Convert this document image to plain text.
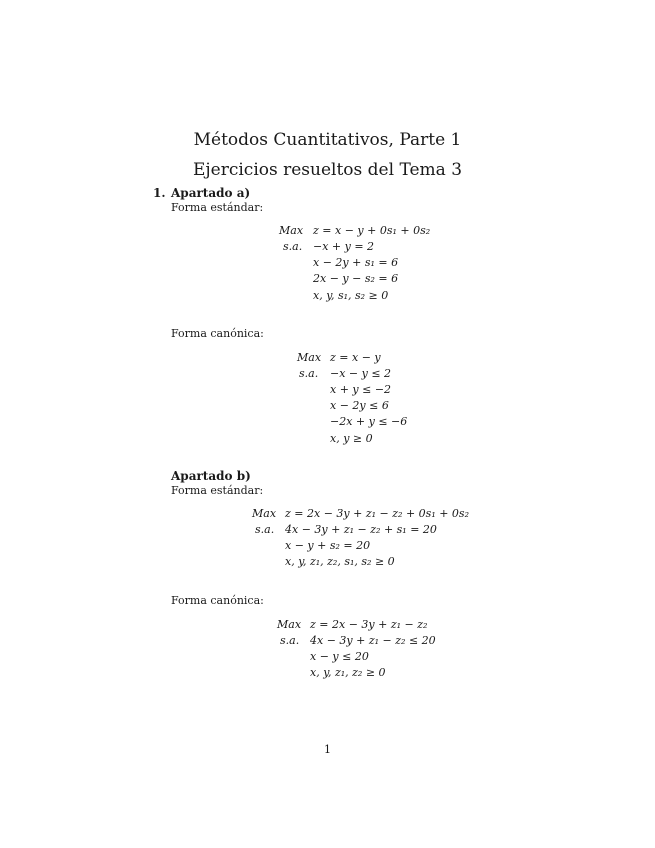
Métodos Cuantitativos, Parte 1
Ejercicios resueltos del Tema 3
1. Apartado a)
Forma estándar:
Max
s.a.
z = x − y + 0s₁ + 0s₂
−x + y = 2
x − 2y + s₁ = 6
2x − y − s₂ = 6
x, y, s₁, s₂ ≥ 0
Forma canónica:
Max
s.a.
z = x − y
−x − y ≤ 2
x + y ≤ −2
x − 2y ≤ 6
−2x + y ≤ −6
x, y ≥ 0
Apartado b)
Forma estándar:
Max
s.a.
z = 2x − 3y + z₁ − z₂ + 0s₁ + 0s₂
4x − 3y + z₁ − z₂ + s₁ = 20
x − y + s₂ = 20
x, y, z₁, z₂, s₁, s₂ ≥ 0
Forma canónica:
Max
s.a.
z = 2x − 3y + z₁ − z₂
4x − 3y + z₁ − z₂ ≤ 20
x − y ≤ 20
x, y, z₁, z₂ ≥ 0
1
